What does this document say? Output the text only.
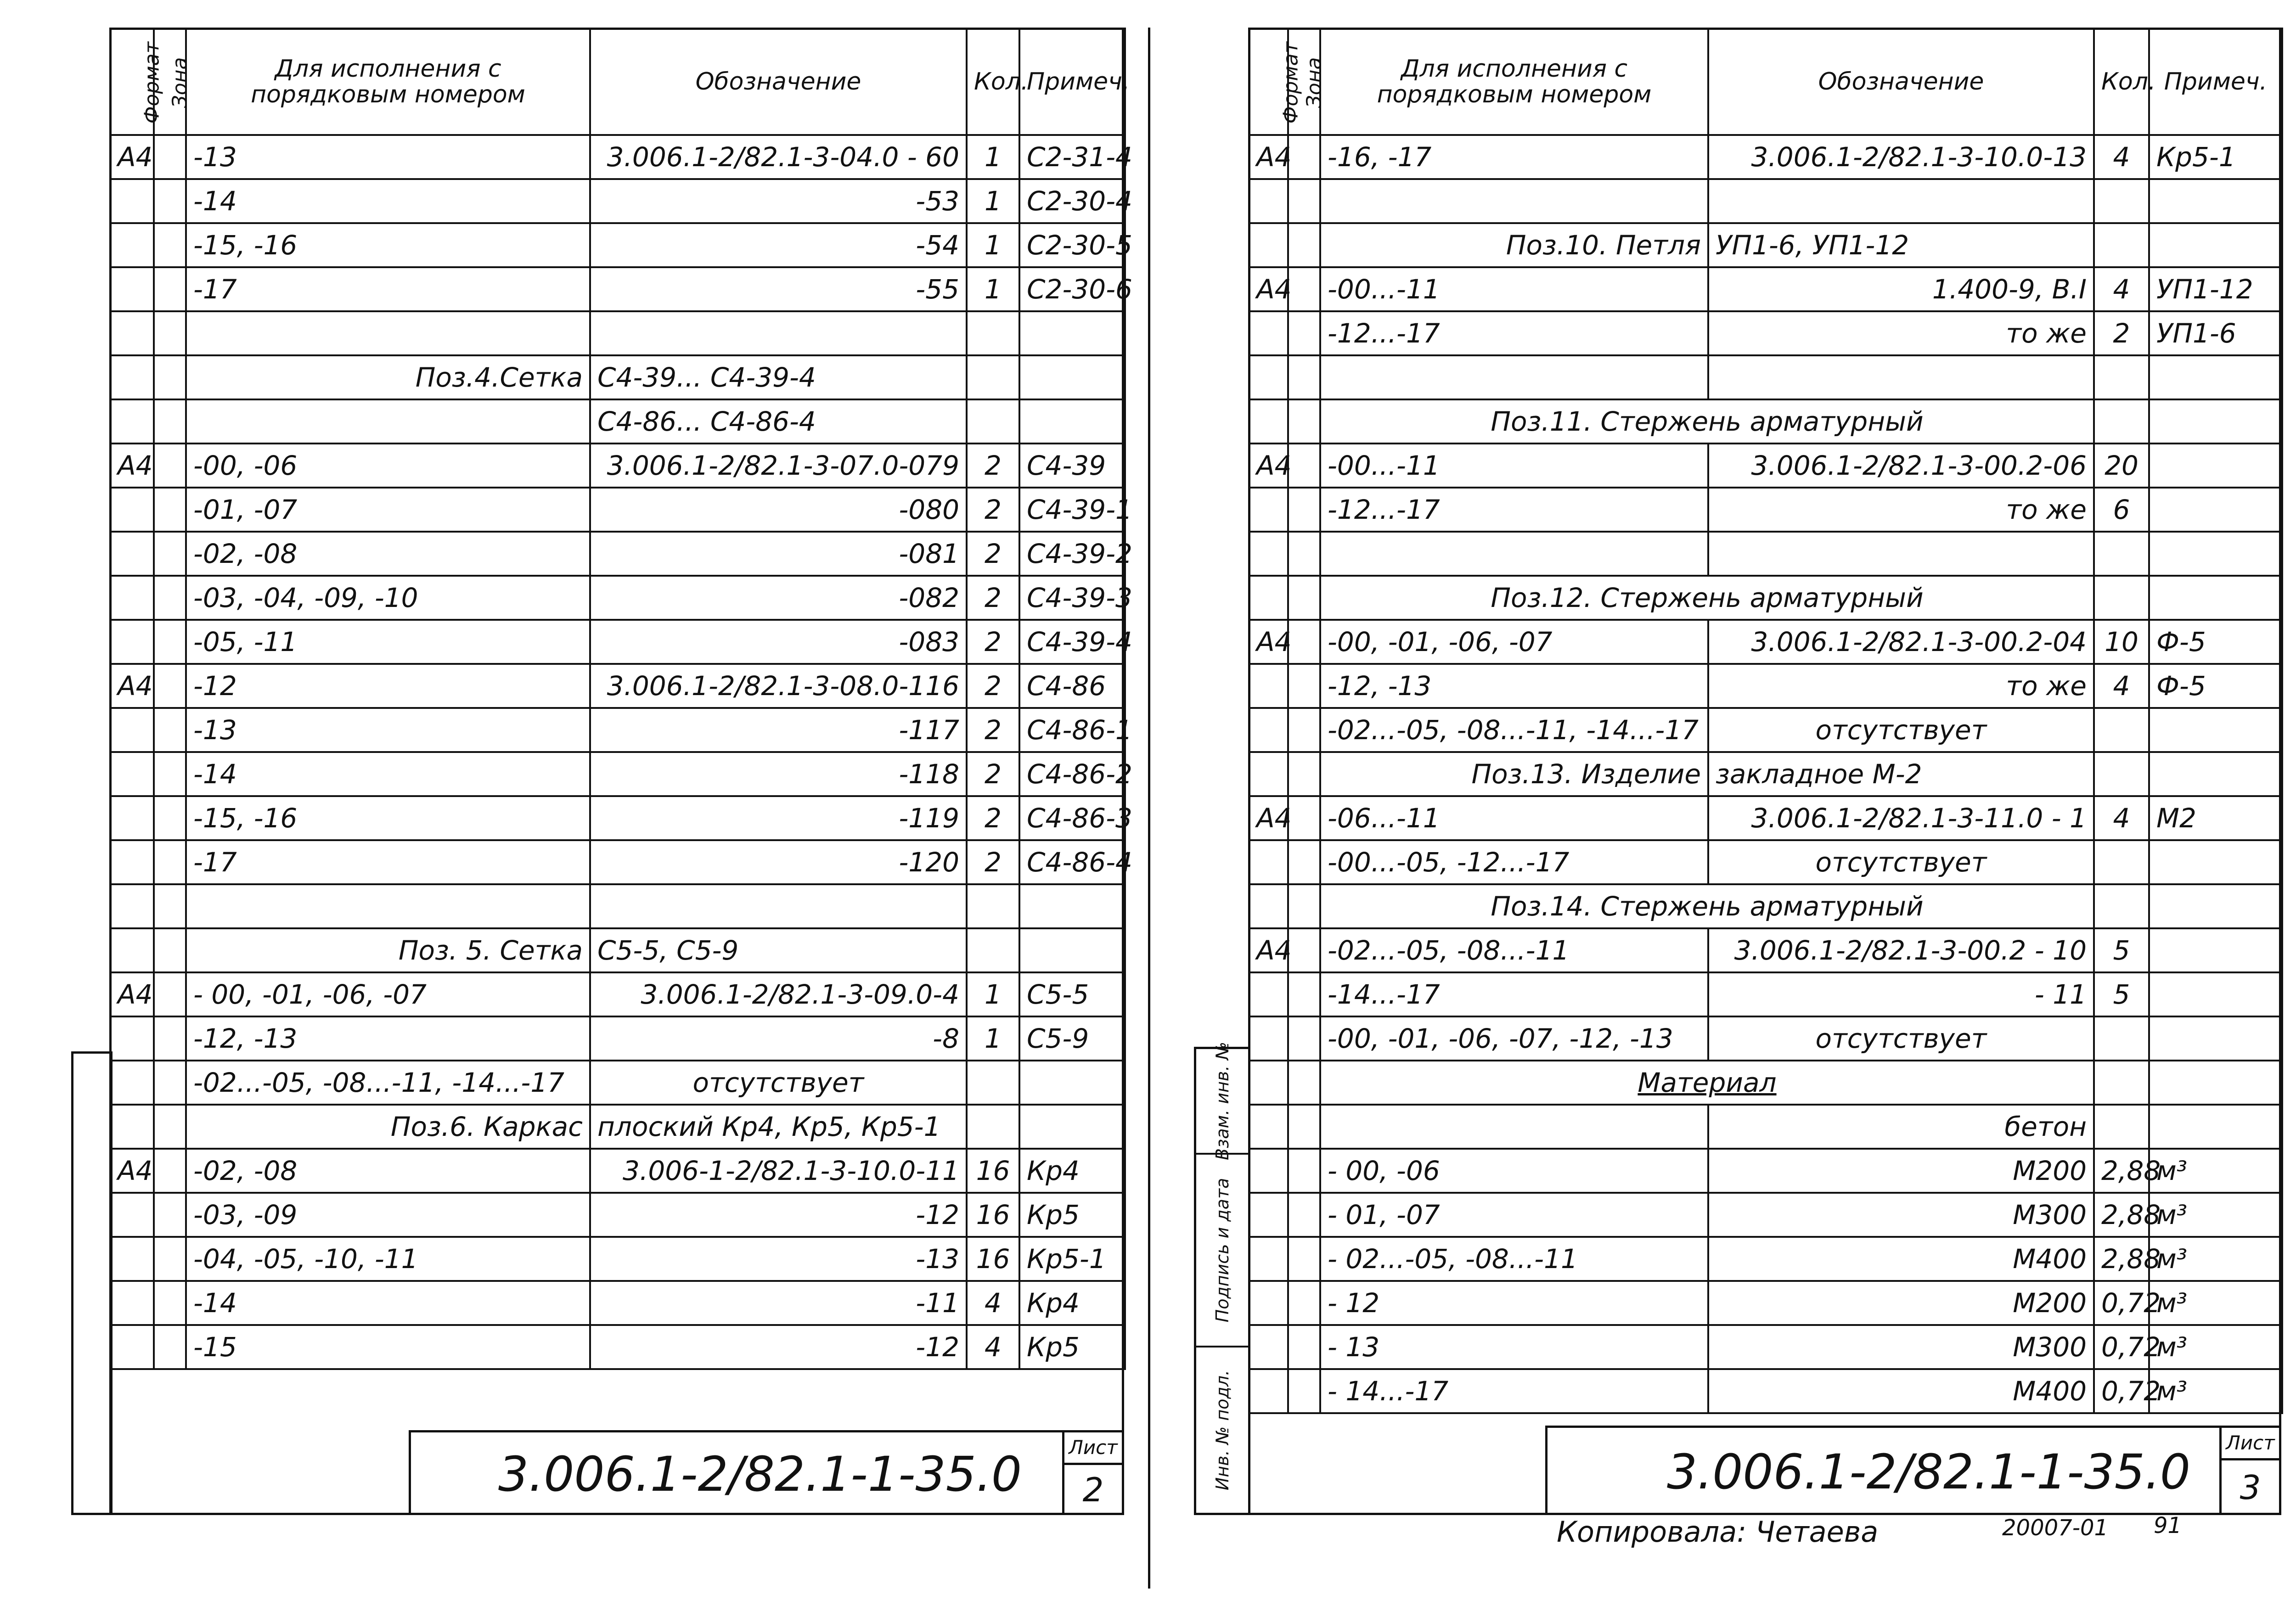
Формат	Зона	Для исполнения с порядковым номером	Обозначение	Кол.	Примеч.
А4		-13	3.006.1-2/82.1-3-04.0 - 60	1	С2-31-4
		-14	-53	1	С2-30-4
		-15, -16	-54	1	С2-30-5
		-17	-55	1	С2-30-6

		Поз.4.Сетка	С4-39... С4-39-4		
			С4-86... С4-86-4		
А4		-00, -06	3.006.1-2/82.1-3-07.0-079	2	С4-39
		-01, -07	-080	2	С4-39-1
		-02, -08	-081	2	С4-39-2
		-03, -04, -09, -10	-082	2	С4-39-3
		-05, -11	-083	2	С4-39-4
А4		-12	3.006.1-2/82.1-3-08.0-116	2	С4-86
		-13	-117	2	С4-86-1
		-14	-118	2	С4-86-2
		-15, -16	-119	2	С4-86-3
		-17	-120	2	С4-86-4

		Поз. 5. Сетка	С5-5, С5-9		
А4		- 00, -01, -06, -07	3.006.1-2/82.1-3-09.0-4	1	С5-5
		-12, -13	-8	1	С5-9
		-02...-05, -08...-11, -14...-17	отсутствует		
		Поз.6. Каркас	плоский Кр4, Кр5, Кр5-1		
А4		-02, -08	3.006-1-2/82.1-3-10.0-11	16	Кр4
		-03, -09	-12	16	Кр5
		-04, -05, -10, -11	-13	16	Кр5-1
		-14	-11	4	Кр4
		-15	-12	4	Кр5
3.006.1-2/82.1-1-35.0	Лист
2
Формат	Зона	Для исполнения с порядковым номером	Обозначение	Кол.	Примеч.
А4		-16, -17	3.006.1-2/82.1-3-10.0-13	4	Кр5-1

		Поз.10. Петля	УП1-6, УП1-12		
А4		-00...-11	1.400-9, В.I	4	УП1-12
		-12...-17	то же	2	УП1-6

		Поз.11. Стержень арматурный			
А4		-00...-11	3.006.1-2/82.1-3-00.2-06	20	
		-12...-17	то же	6	

		Поз.12. Стержень арматурный			
А4		-00, -01, -06, -07	3.006.1-2/82.1-3-00.2-04	10	Ф-5
		-12, -13	то же	4	Ф-5
		-02...-05, -08...-11, -14...-17	отсутствует		
		Поз.13. Изделие	закладное М-2		
А4		-06...-11	3.006.1-2/82.1-3-11.0 - 1	4	М2
		-00...-05, -12...-17	отсутствует		
		Поз.14. Стержень арматурный			
А4		-02...-05, -08...-11	3.006.1-2/82.1-3-00.2 - 10	5	
		-14...-17	- 11	5	
		-00, -01, -06, -07, -12, -13	отсутствует		
		Материал			
			бетон		
		- 00, -06	М200	2,88	м³
		- 01, -07	М300	2,88	м³
		- 02...-05, -08...-11	М400	2,88	м³
		- 12	М200	0,72	м³
		- 13	М300	0,72	м³
		- 14...-17	М400	0,72	м³
Взам. инв. №
Подпись и дата
Инв. № подл.	3.006.1-2/82.1-1-35.0
Лист
3
Копировала: Четаева	20007-01 91
